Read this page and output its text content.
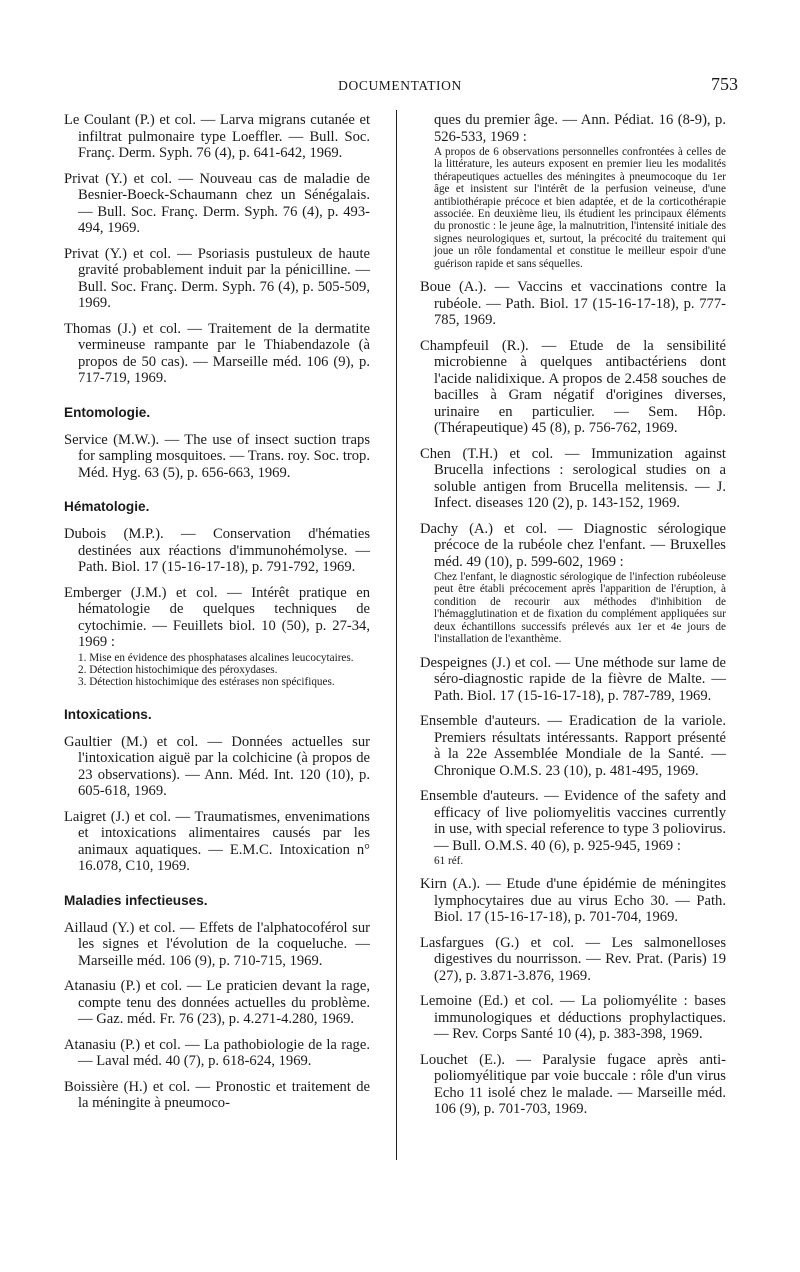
DOCUMENTATION	753
Le Coulant (P.) et col. — Larva migrans cutanée et infiltrat pulmonaire type Loeffler. — Bull. Soc. Franç. Derm. Syph. 76 (4), p. 641-642, 1969.
Privat (Y.) et col. — Nouveau cas de maladie de Besnier-Boeck-Schaumann chez un Sénégalais. — Bull. Soc. Franç. Derm. Syph. 76 (4), p. 493-494, 1969.
Privat (Y.) et col. — Psoriasis pustuleux de haute gravité probablement induit par la pénicilline. — Bull. Soc. Franç. Derm. Syph. 76 (4), p. 505-509, 1969.
Thomas (J.) et col. — Traitement de la dermatite vermineuse rampante par le Thiabendazole (à propos de 50 cas). — Marseille méd. 106 (9), p. 717-719, 1969.
Entomologie.
Service (M.W.). — The use of insect suction traps for sampling mosquitoes. — Trans. roy. Soc. trop. Méd. Hyg. 63 (5), p. 656-663, 1969.
Hématologie.
Dubois (M.P.). — Conservation d'hématies destinées aux réactions d'immunohémolyse. — Path. Biol. 17 (15-16-17-18), p. 791-792, 1969.
Emberger (J.M.) et col. — Intérêt pratique en hématologie de quelques techniques de cytochimie. — Feuillets biol. 10 (50), p. 27-34, 1969 :
1. Mise en évidence des phosphatases alcalines leucocytaires.
2. Détection histochimique des péroxydases.
3. Détection histochimique des estérases non spécifiques.
Intoxications.
Gaultier (M.) et col. — Données actuelles sur l'intoxication aiguë par la colchicine (à propos de 23 observations). — Ann. Méd. Int. 120 (10), p. 605-618, 1969.
Laigret (J.) et col. — Traumatismes, envenimations et intoxications alimentaires causés par les animaux aquatiques. — E.M.C. Intoxication n° 16.078, C10, 1969.
Maladies infectieuses.
Aillaud (Y.) et col. — Effets de l'alphatocoférol sur les signes et l'évolution de la coqueluche. — Marseille méd. 106 (9), p. 710-715, 1969.
Atanasiu (P.) et col. — Le praticien devant la rage, compte tenu des données actuelles du problème. — Gaz. méd. Fr. 76 (23), p. 4.271-4.280, 1969.
Atanasiu (P.) et col. — La pathobiologie de la rage. — Laval méd. 40 (7), p. 618-624, 1969.
Boissière (H.) et col. — Pronostic et traitement de la méningite à pneumoco-
ques du premier âge. — Ann. Pédiat. 16 (8-9), p. 526-533, 1969 :
A propos de 6 observations personnelles confrontées à celles de la littérature, les auteurs exposent en premier lieu les modalités thérapeutiques actuelles des méningites à pneumocoque du 1er âge et insistent sur l'intérêt de la perfusion veineuse, d'une antibiothérapie précoce et bien adaptée, et de la corticothérapie associée. En deuxième lieu, ils étudient les principaux éléments du pronostic : le jeune âge, la malnutrition, l'intensité initiale des signes neurologiques et, surtout, la précocité du traitement qui joue un rôle fondamental et constitue le meilleur espoir d'une guérison rapide et sans séquelles.
Boue (A.). — Vaccins et vaccinations contre la rubéole. — Path. Biol. 17 (15-16-17-18), p. 777-785, 1969.
Champfeuil (R.). — Etude de la sensibilité microbienne à quelques antibactériens dont l'acide nalidixique. A propos de 2.458 souches de bacilles à Gram négatif d'origines diverses, urinaire en particulier. — Sem. Hôp. (Thérapeutique) 45 (8), p. 756-762, 1969.
Chen (T.H.) et col. — Immunization against Brucella infections : serological studies on a soluble antigen from Brucella melitensis. — J. Infect. diseases 120 (2), p. 143-152, 1969.
Dachy (A.) et col. — Diagnostic sérologique précoce de la rubéole chez l'enfant. — Bruxelles méd. 49 (10), p. 599-602, 1969 :
Chez l'enfant, le diagnostic sérologique de l'infection rubéoleuse peut être établi précocement après l'apparition de l'éruption, à condition de recourir aux méthodes d'inhibition de l'hémagglutination et de fixation du complément appliquées sur deux échantillons successifs prélevés aux 1er et 4e jours de l'installation de l'exanthème.
Despeignes (J.) et col. — Une méthode sur lame de séro-diagnostic rapide de la fièvre de Malte. — Path. Biol. 17 (15-16-17-18), p. 787-789, 1969.
Ensemble d'auteurs. — Eradication de la variole. Premiers résultats intéressants. Rapport présenté à la 22e Assemblée Mondiale de la Santé. — Chronique O.M.S. 23 (10), p. 481-495, 1969.
Ensemble d'auteurs. — Evidence of the safety and efficacy of live poliomyelitis vaccines currently in use, with special reference to type 3 poliovirus. — Bull. O.M.S. 40 (6), p. 925-945, 1969 :
61 réf.
Kirn (A.). — Etude d'une épidémie de méningites lymphocytaires due au virus Echo 30. — Path. Biol. 17 (15-16-17-18), p. 701-704, 1969.
Lasfargues (G.) et col. — Les salmonelloses digestives du nourrisson. — Rev. Prat. (Paris) 19 (27), p. 3.871-3.876, 1969.
Lemoine (Ed.) et col. — La poliomyélite : bases immunologiques et déductions prophylactiques. — Rev. Corps Santé 10 (4), p. 383-398, 1969.
Louchet (E.). — Paralysie fugace après anti-poliomyélitique par voie buccale : rôle d'un virus Echo 11 isolé chez le malade. — Marseille méd. 106 (9), p. 701-703, 1969.
